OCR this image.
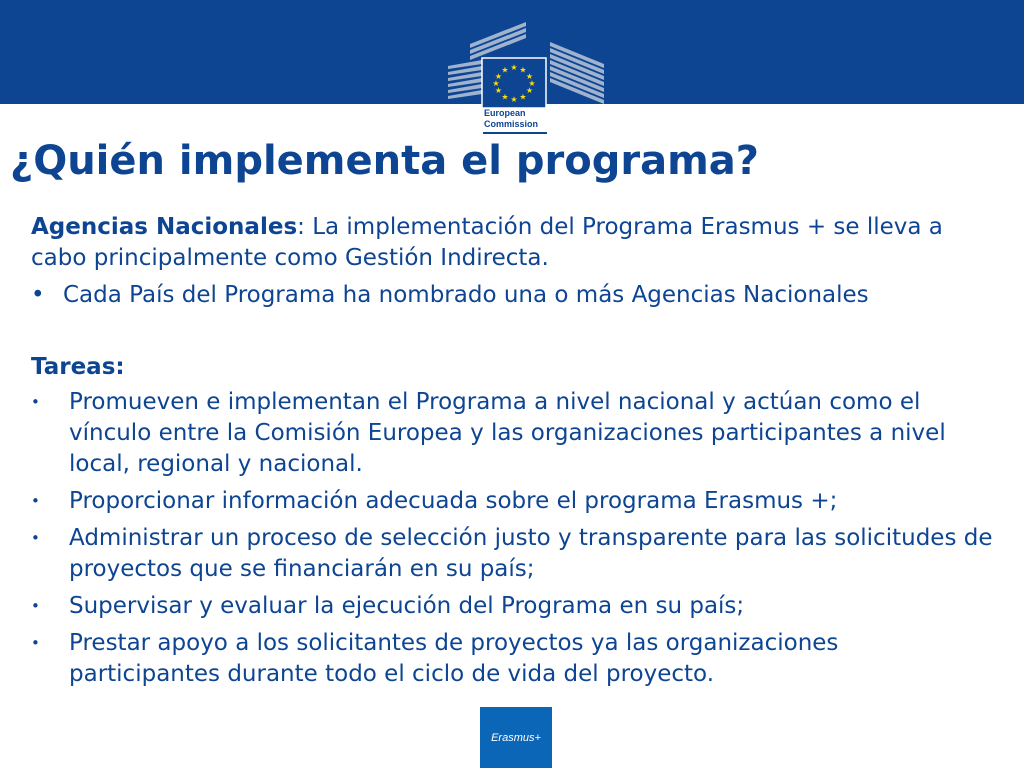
★ ★
★
★
★
★
★
★
★
★
★
★
European
Commission
¿Quién implementa el programa?

Agencias Nacionales: La implementación del Programa Erasmus + se lleva a cabo principalmente como Gestión Indirecta.

• Cada País del Programa ha nombrado una o más Agencias Nacionales

Tareas:

• Promueven e implementan el Programa a nivel nacional y actúan como el vínculo entre la Comisión Europea y las organizaciones participantes a nivel local, regional y nacional.
• Proporcionar información adecuada sobre el programa Erasmus +;
• Administrar un proceso de selección justo y transparente para las solicitudes de proyectos que se financiarán en su país;
• Supervisar y evaluar la ejecución del Programa en su país;
• Prestar apoyo a los solicitantes de proyectos ya las organizaciones participantes durante todo el ciclo de vida del proyecto.
Erasmus+
